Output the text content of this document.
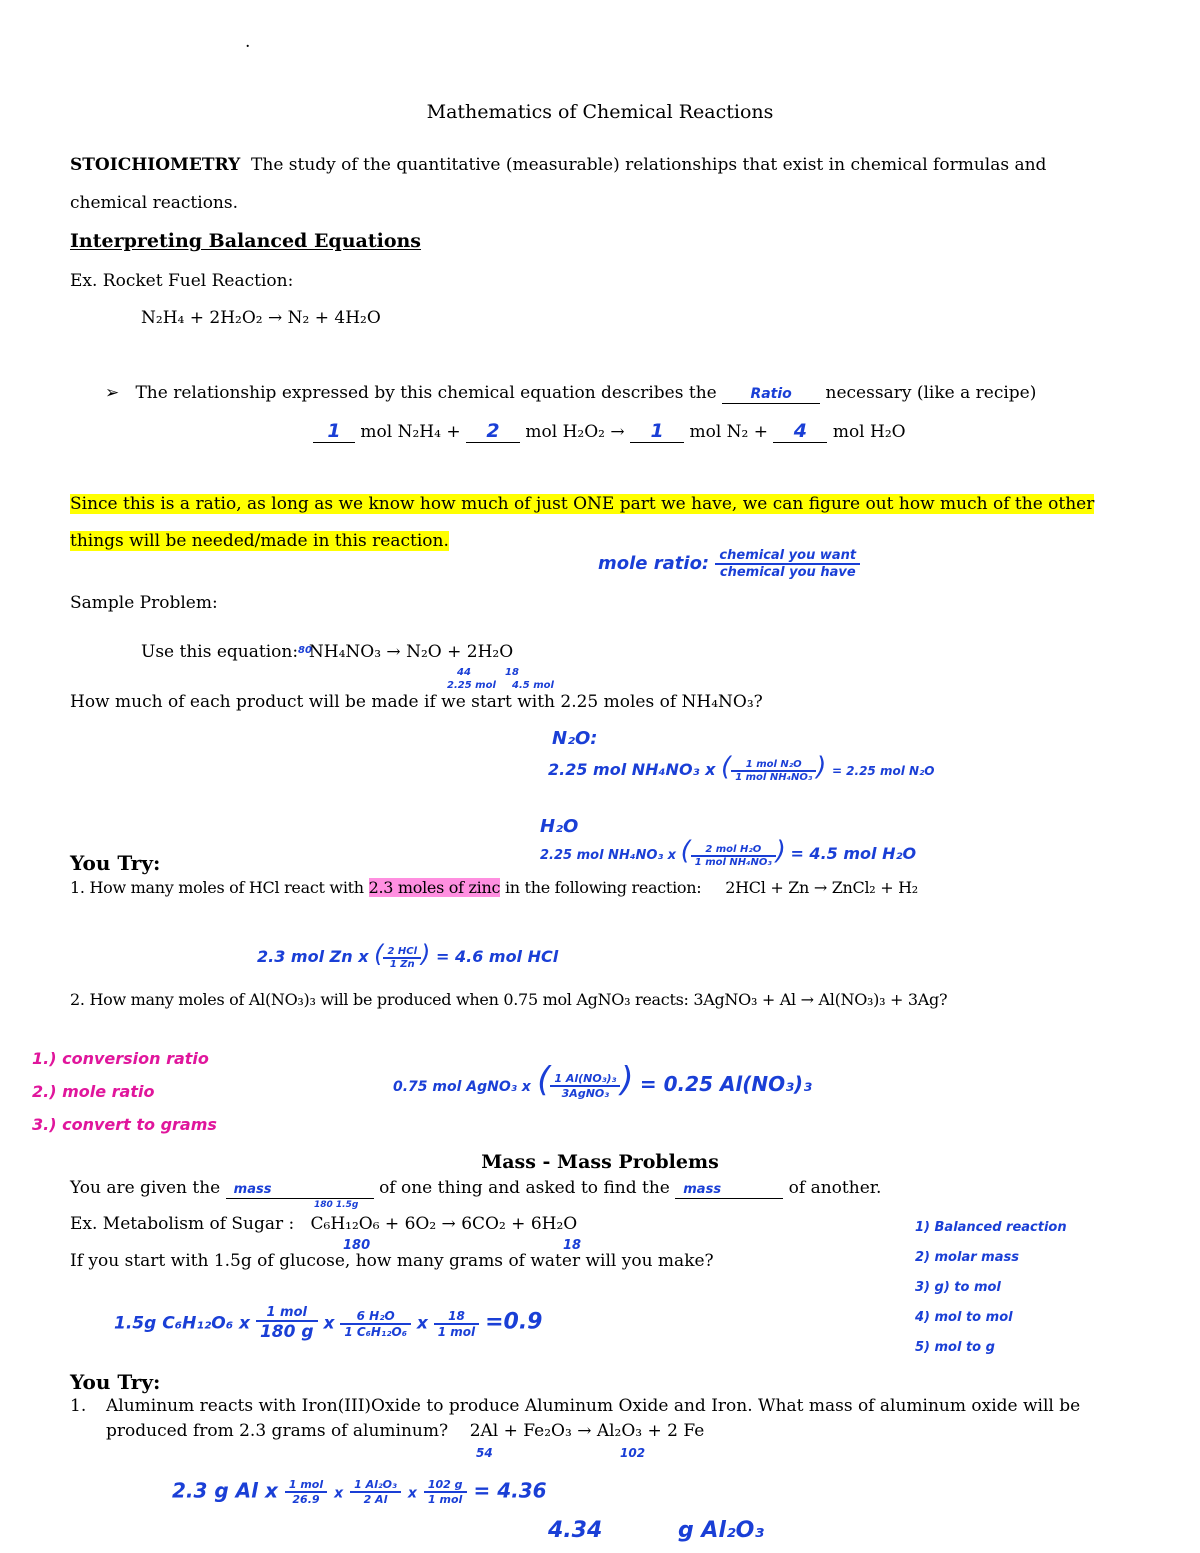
.
Mathematics of Chemical Reactions
STOICHIOMETRY The study of the quantitative (measurable) relationships that exist in chemical formulas and
chemical reactions.
Interpreting Balanced Equations
Ex. Rocket Fuel Reaction:
N₂H₄ + 2H₂O₂ → N₂ + 4H₂O
➢ The relationship expressed by this chemical equation describes the Ratio necessary (like a recipe)
1 mol N₂H₄ + 2 mol H₂O₂ → 1 mol N₂ + 4 mol H₂O
Since this is a ratio, as long as we know how much of just ONE part we have, we can figure out how much of the other
things will be needed/made in this reaction.
mole ratio: $\frac{\text{chemical you want}}{\text{chemical you have}}$
Sample Problem:
Use this equation: NH₄NO₃ → N₂O + 2H₂O
80
44
2.25 mol
18
4.5 mol
How much of each product will be made if we start with 2.25 moles of NH₄NO₃?
N₂O:
2.25 mol NH₄NO₃ x ( $\frac{\text{1 mol N₂O}}{\text{1 mol NH₄NO₃}}$ ) = 2.25 mol N₂O
H₂O
2.25 mol NH₄NO₃ x ( $\frac{\text{2 mol H₂O}}{\text{1 mol NH₄NO₃}}$ ) = 4.5 mol H₂O
You Try:
1. How many moles of HCl react with 2.3 moles of zinc in the following reaction: 2HCl + Zn → ZnCl₂ + H₂
2.3 mol Zn x ( $\frac{\text{2 HCl}}{1 Zn}$ ) = 4.6 mol HCl
2. How many moles of Al(NO₃)₃ will be produced when 0.75 mol AgNO₃ reacts: 3AgNO₃ + Al → Al(NO₃)₃ + 3Ag?
1.) conversion ratio
2.) mole ratio
3.) convert to grams
0.75 mol AgNO₃ x ( $\frac{\text{1 Al(NO₃)₃}}{\text{3AgNO₃}}$ ) = 0.25 Al(NO₃)₃
Mass - Mass Problems
You are given the mass	of one thing and asked to find the mass	of another.
180 1.5g
Ex. Metabolism of Sugar : C₆H₁₂O₆ + 6O₂ → 6CO₂ + 6H₂O
180	18
If you start with 1.5g of glucose, how many grams of water will you make?
1) Balanced reaction
2) molar mass
3) g) to mol
4) mol to mol
5) mol to g
1.5g C₆H₁₂O₆ x $\frac{\text{1 mol}}{180 g}$ x $\frac{\text{6 H₂O}}{\text{1 C₆H₁₂O₆}}$ x $\frac{18}{\text{1 mol}} =0.9$
You Try:
1. Aluminum reacts with Iron(III)Oxide to produce Aluminum Oxide and Iron. What mass of aluminum oxide will be
produced from 2.3 grams of aluminum? 2Al + Fe₂O₃ → Al₂O₃ + 2 Fe
54	102
2.3 g Al x $\frac{\text{1 mol}}{26.9}$ x $\frac{\text{1 Al₂O₃}}{2 Al}$ x $\frac{102 g}{\text{1 mol}} = 4.36$
4.34	g Al₂O₃
